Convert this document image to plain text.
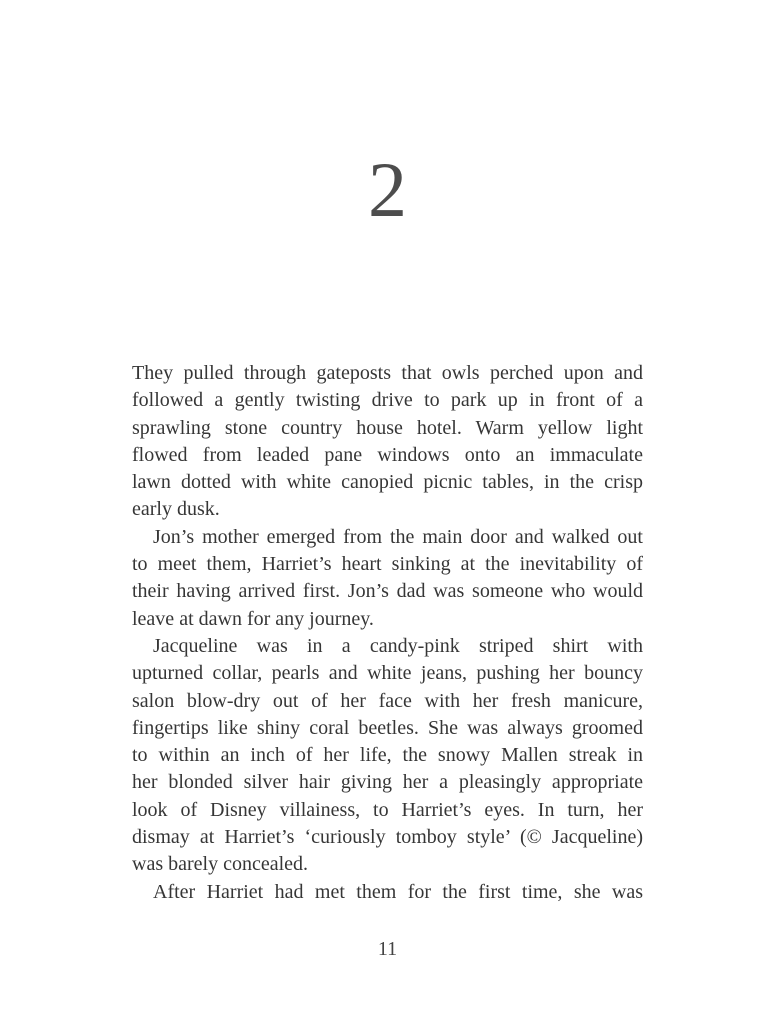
2
They pulled through gateposts that owls perched upon and
followed a gently twisting drive to park up in front of a
sprawling stone country house hotel. Warm yellow light
flowed from leaded pane windows onto an immaculate
lawn dotted with white canopied picnic tables, in the crisp
early dusk.
Jon’s mother emerged from the main door and walked out
to meet them, Harriet’s heart sinking at the inevitability of
their having arrived first. Jon’s dad was someone who would
leave at dawn for any journey.
Jacqueline was in a candy-pink striped shirt with
upturned collar, pearls and white jeans, pushing her bouncy
salon blow-dry out of her face with her fresh manicure,
fingertips like shiny coral beetles. She was always groomed
to within an inch of her life, the snowy Mallen streak in
her blonded silver hair giving her a pleasingly appropriate
look of Disney villainess, to Harriet’s eyes. In turn, her
dismay at Harriet’s ‘curiously tomboy style’ (© Jacqueline)
was barely concealed.
After Harriet had met them for the first time, she was
11
